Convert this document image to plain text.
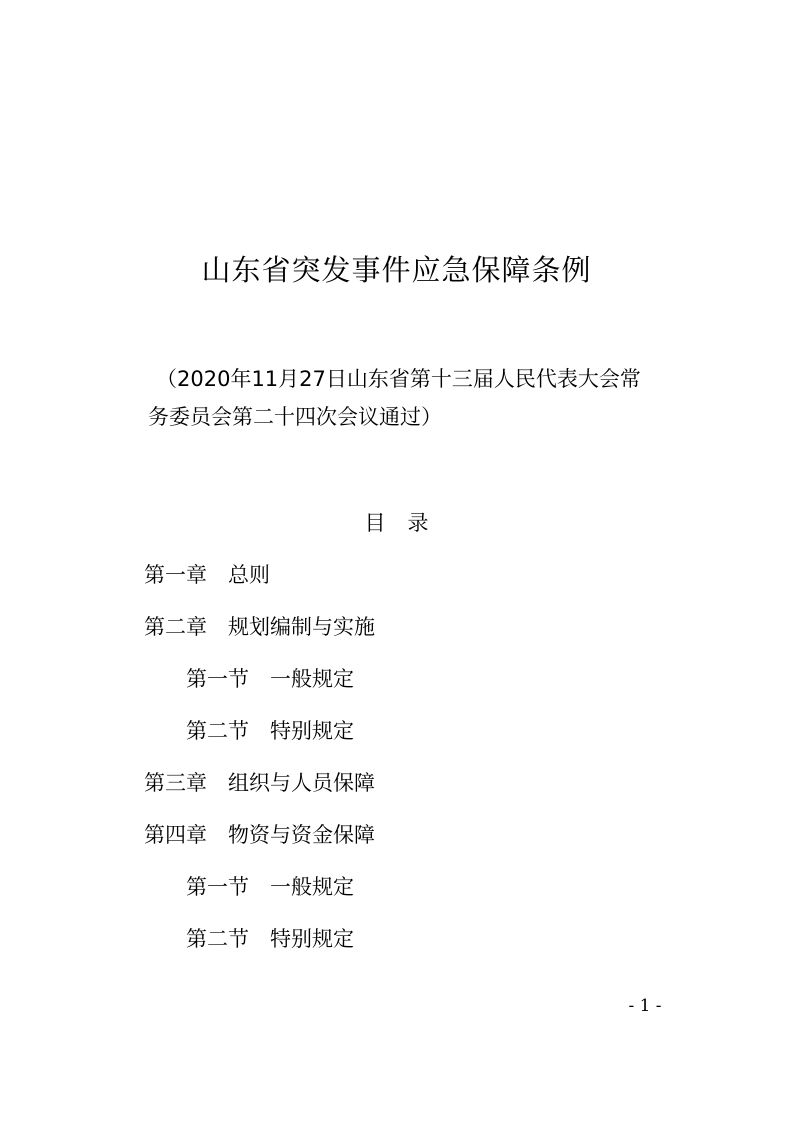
山东省突发事件应急保障条例
（2020年11月27日山东省第十三届人民代表大会常
务委员会第二十四次会议通过）
目录
第一章 总则
第二章 规划编制与实施
第一节 一般规定
第二节 特别规定
第三章 组织与人员保障
第四章 物资与资金保障
第一节 一般规定
第二节 特别规定
- 1 -
